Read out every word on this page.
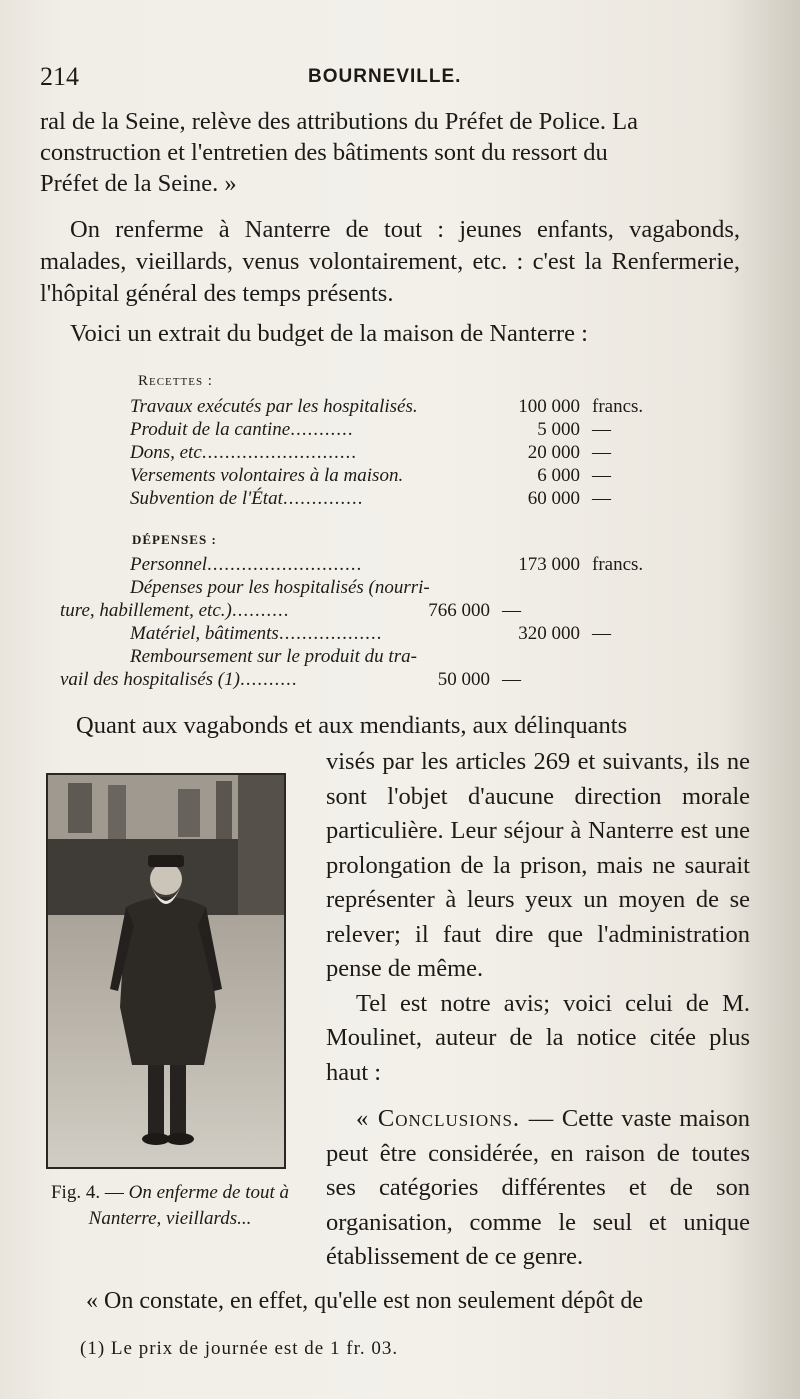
214	BOURNEVILLE.

ral de la Seine, relève des attributions du Préfet de Police. La

construction et l'entretien des bâtiments sont du ressort du

Préfet de la Seine. »

On renferme à Nanterre de tout : jeunes enfants, vagabonds, malades, vieillards, venus volontairement, etc. : c'est la Renfermerie, l'hôpital général des temps présents.

Voici un extrait du budget de la maison de Nanterre :

Recettes :
Travaux exécutés par les hospitalisés.	100 000 francs.
Produit de la cantine...........	5 000 —
Dons, etc...........................	20 000 —
Versements volontaires à la maison.	6 000 —
Subvention de l'État..............	60 000 —
DÉPENSES :
Personnel...........................	173 000 francs.
Dépenses pour les hospitalisés (nourri-
ture, habillement, etc.)..........	766 000 —
Matériel, bâtiments..................	320 000 —
Remboursement sur le produit du tra-
vail des hospitalisés (1)..........	50 000 —

Quant aux vagabonds et aux mendiants, aux délinquants

Fig. 4. — On enferme de tout à Nanterre, vieillards...

visés par les articles 269 et suivants, ils ne sont l'objet d'aucune direction morale particulière. Leur séjour à Nanterre est une prolongation de la prison, mais ne saurait représenter à leurs yeux un moyen de se relever; il faut dire que l'administration pense de même.

Tel est notre avis; voici celui de M. Moulinet, auteur de la notice citée plus haut :

« Conclusions. — Cette vaste maison peut être considérée, en raison de toutes ses catégories différentes et de son organisation, comme le seul et unique établissement de ce genre.

« On constate, en effet, qu'elle est non seulement dépôt de
(1) Le prix de journée est de 1 fr. 03.
